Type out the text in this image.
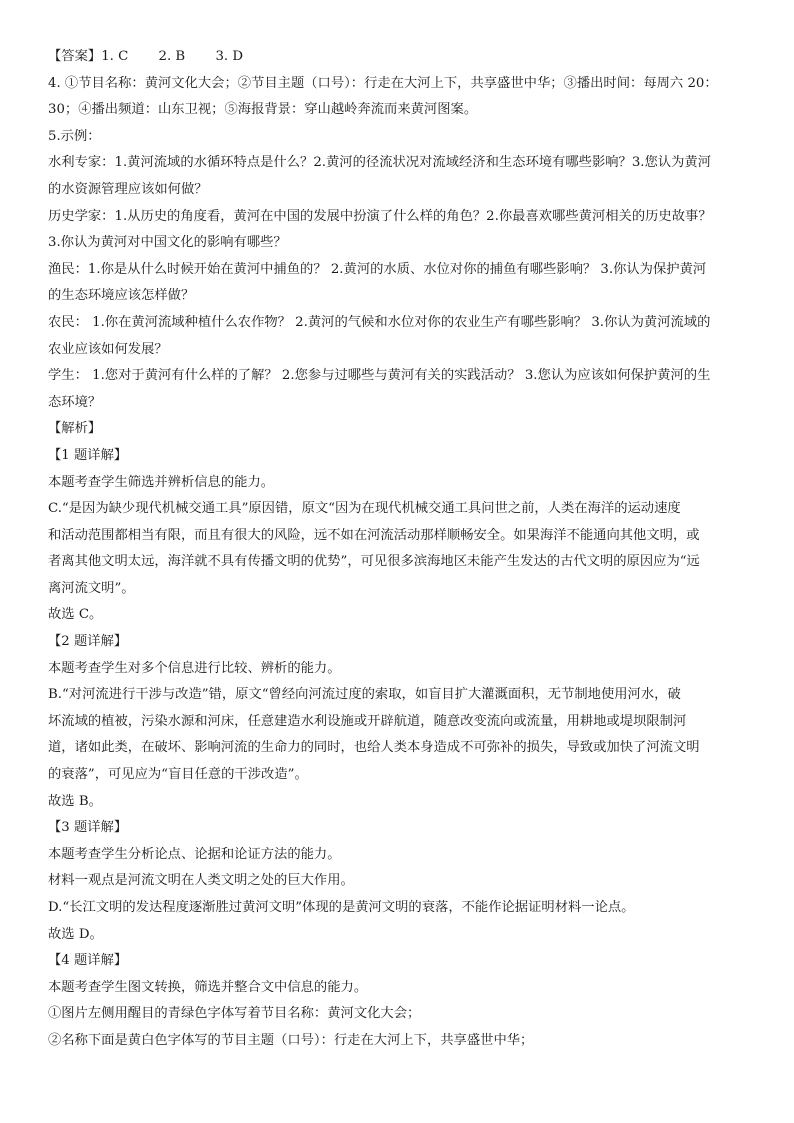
【答案】1. C 2. B 3. D
4. ①节目名称：黄河文化大会；②节目主题（口号）：行走在大河上下，共享盛世中华；③播出时间：每周六 20：
30；④播出频道：山东卫视；⑤海报背景：穿山越岭奔流而来黄河图案。
5.示例：
水利专家：1.黄河流域的水循环特点是什么？2.黄河的径流状况对流域经济和生态环境有哪些影响？3.您认为黄河
的水资源管理应该如何做？
历史学家：1.从历史的角度看，黄河在中国的发展中扮演了什么样的角色？2.你最喜欢哪些黄河相关的历史故事？
3.你认为黄河对中国文化的影响有哪些？
渔民：1.你是从什么时候开始在黄河中捕鱼的？ 2.黄河的水质、水位对你的捕鱼有哪些影响？ 3.你认为保护黄河
的生态环境应该怎样做？
农民： 1.你在黄河流域种植什么农作物？ 2.黄河的气候和水位对你的农业生产有哪些影响？ 3.你认为黄河流域的
农业应该如何发展？
学生： 1.您对于黄河有什么样的了解？ 2.您参与过哪些与黄河有关的实践活动？ 3.您认为应该如何保护黄河的生
态环境？
【解析】
【1 题详解】
本题考查学生筛选并辨析信息的能力。
C.“是因为缺少现代机械交通工具”原因错，原文“因为在现代机械交通工具问世之前，人类在海洋的运动速度
和活动范围都相当有限，而且有很大的风险，远不如在河流活动那样顺畅安全。如果海洋不能通向其他文明，或
者离其他文明太远，海洋就不具有传播文明的优势”，可见很多滨海地区未能产生发达的古代文明的原因应为“远
离河流文明”。
故选 C。
【2 题详解】
本题考查学生对多个信息进行比较、辨析的能力。
B.“对河流进行干涉与改造”错，原文“曾经向河流过度的索取，如盲目扩大灌溉面积，无节制地使用河水，破
坏流域的植被，污染水源和河床，任意建造水利设施或开辟航道，随意改变流向或流量，用耕地或堤坝限制河
道，诸如此类，在破坏、影响河流的生命力的同时，也给人类本身造成不可弥补的损失，导致或加快了河流文明
的衰落”，可见应为“盲目任意的干涉改造”。
故选 B。
【3 题详解】
本题考查学生分析论点、论据和论证方法的能力。
材料一观点是河流文明在人类文明之处的巨大作用。
D.“长江文明的发达程度逐渐胜过黄河文明”体现的是黄河文明的衰落，不能作论据证明材料一论点。
故选 D。
【4 题详解】
本题考查学生图文转换，筛选并整合文中信息的能力。
①图片左侧用醒目的青绿色字体写着节目名称：黄河文化大会；
②名称下面是黄白色字体写的节目主题（口号）：行走在大河上下，共享盛世中华；
